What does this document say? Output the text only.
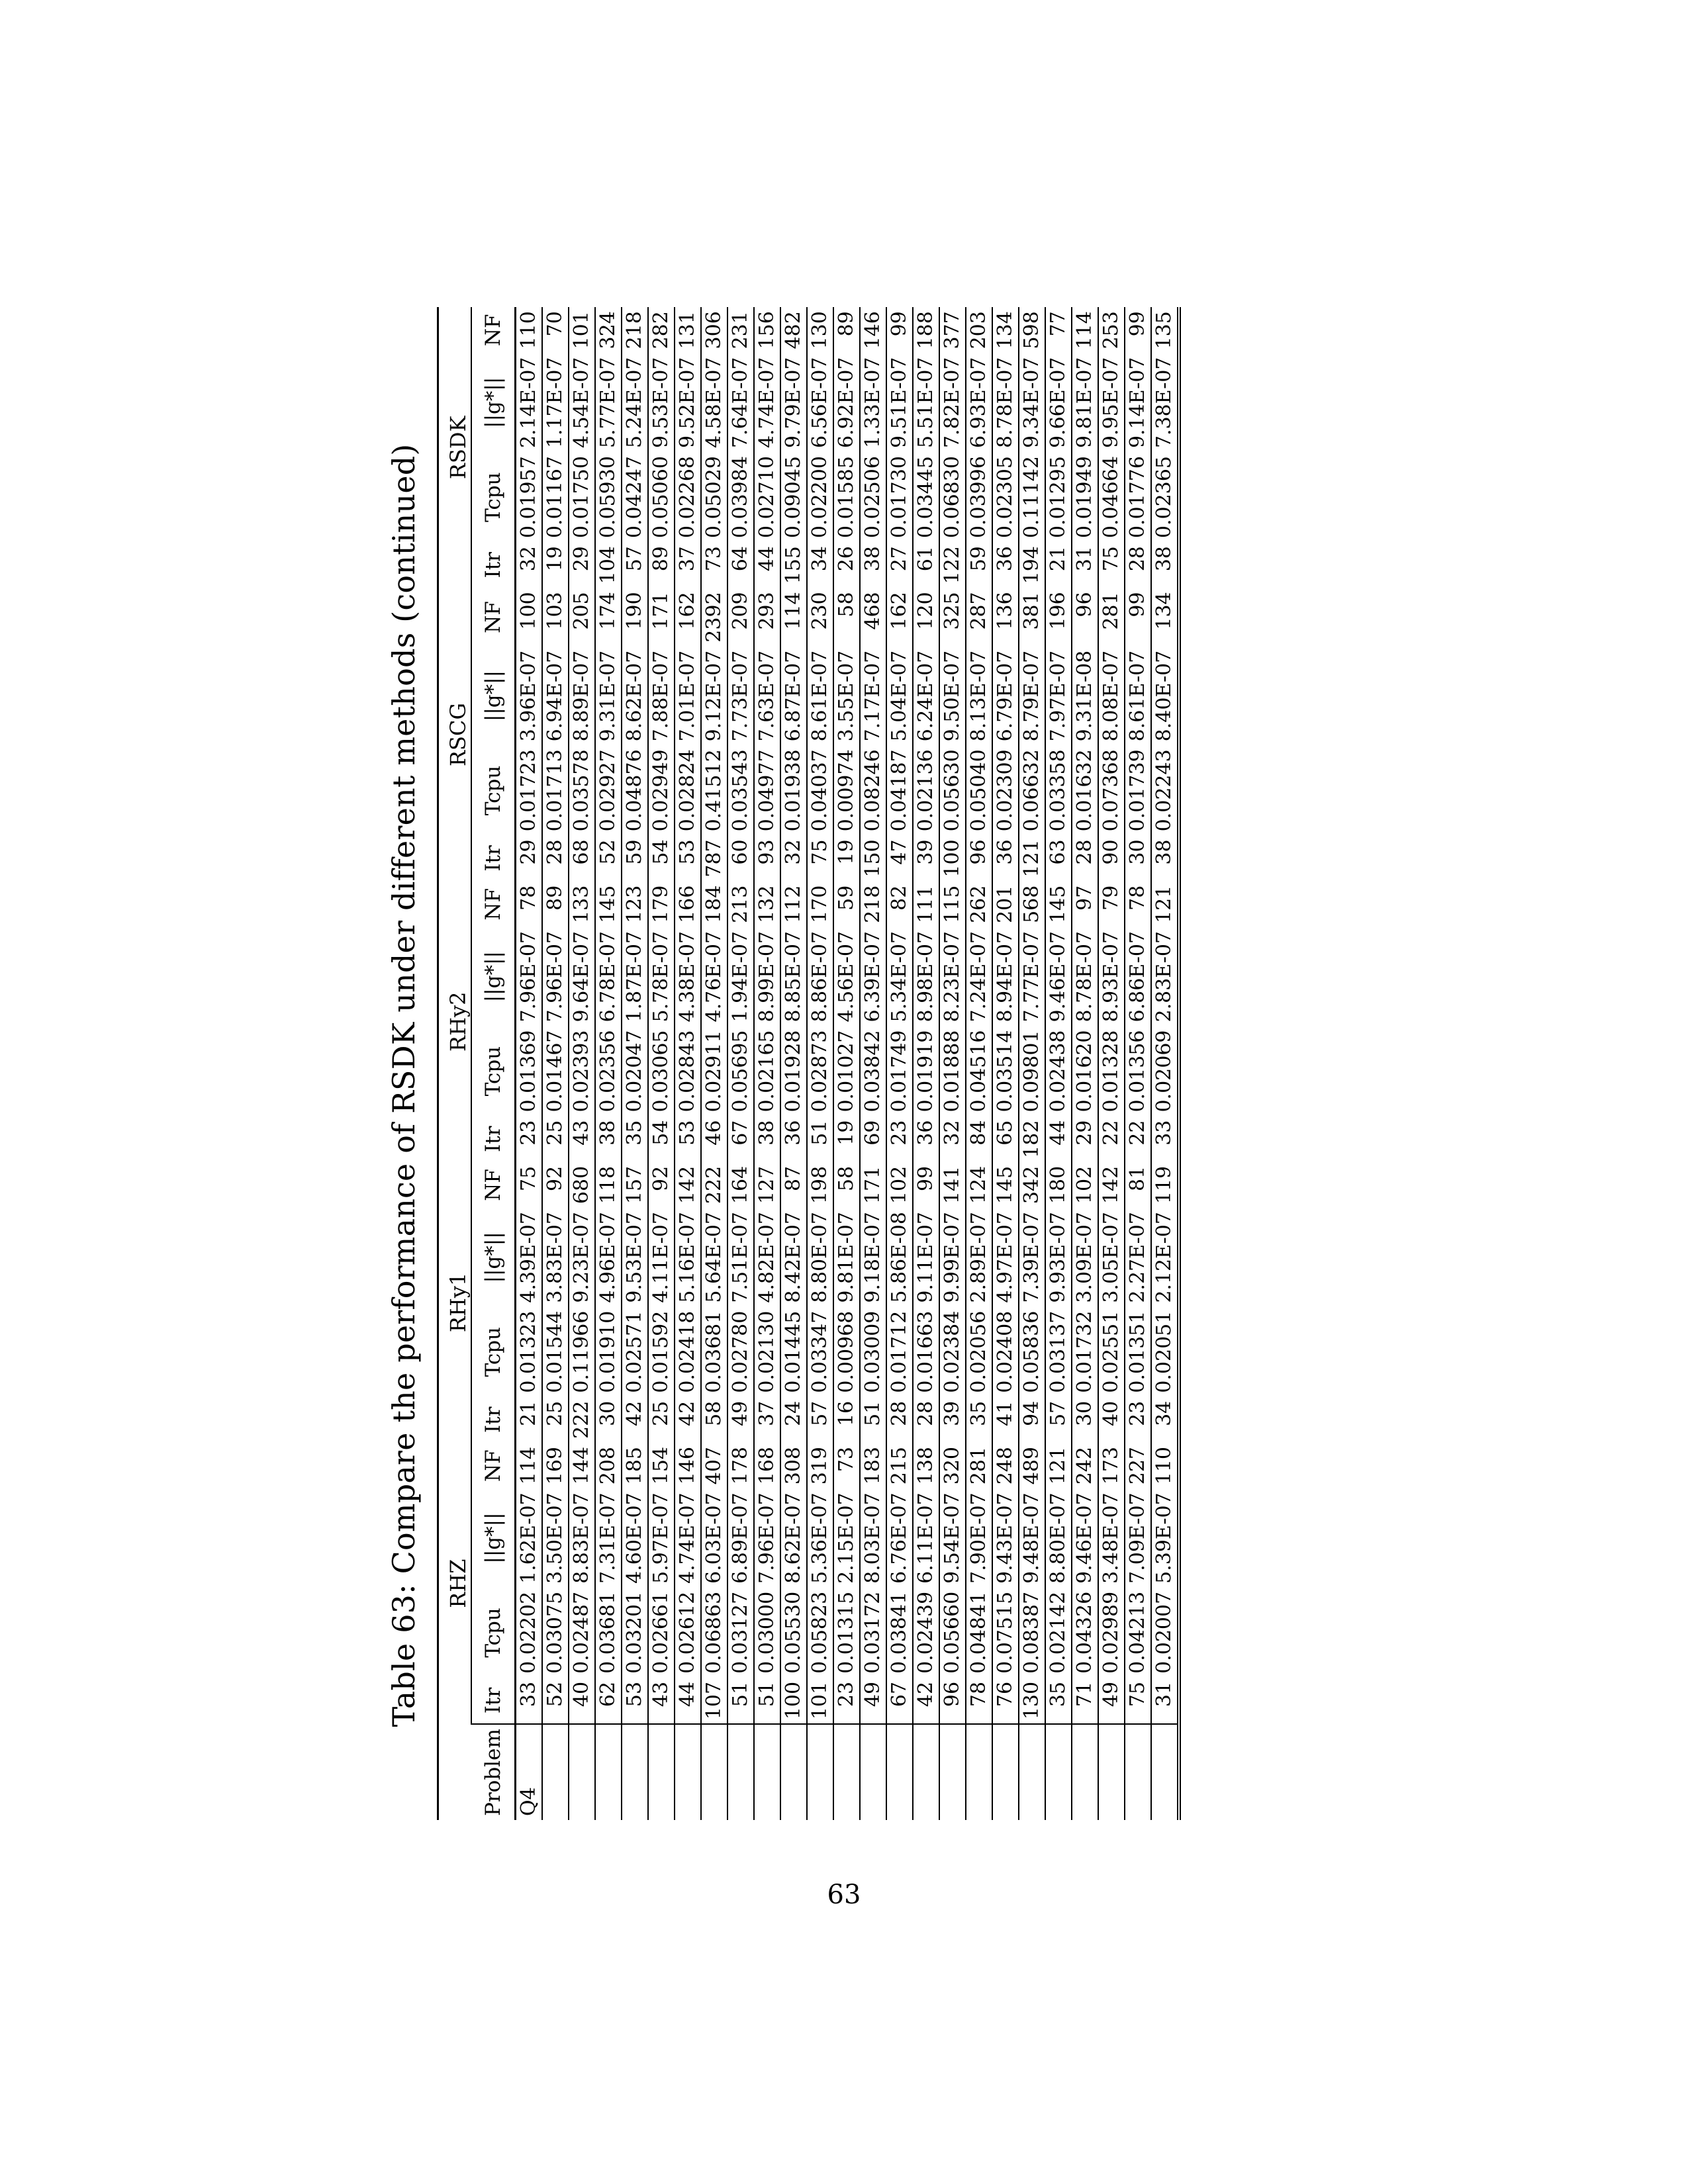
Table 63: Compare the performance of RSDK under different methods (continued)
		RHZ				RHy1				RHy2				RSCG				RSDK			
Problem	Itr	Tcpu	||g*||	NF	Itr	Tcpu	||g*||	NF	Itr	Tcpu	||g*||	NF	Itr	Tcpu	||g*||	NF	Itr	Tcpu	||g*||	NF
Q4	33	0.02202	1.62E-07	114	21	0.01323	4.39E-07	75	23	0.01369	7.96E-07	78	29	0.01723	3.96E-07	100	32	0.01957	2.14E-07	110
	52	0.03075	3.50E-07	169	25	0.01544	3.83E-07	92	25	0.01467	7.96E-07	89	28	0.01713	6.94E-07	103	19	0.01167	1.17E-07	70
	40	0.02487	8.83E-07	144	222	0.11966	9.23E-07	680	43	0.02393	9.64E-07	133	68	0.03578	8.89E-07	205	29	0.01750	4.54E-07	101
	62	0.03681	7.31E-07	208	30	0.01910	4.96E-07	118	38	0.02356	6.78E-07	145	52	0.02927	9.31E-07	174	104	0.05930	5.77E-07	324
	53	0.03201	4.60E-07	185	42	0.02571	9.53E-07	157	35	0.02047	1.87E-07	123	59	0.04876	8.62E-07	190	57	0.04247	5.24E-07	218
	43	0.02661	5.97E-07	154	25	0.01592	4.11E-07	92	54	0.03065	5.78E-07	179	54	0.02949	7.88E-07	171	89	0.05060	9.53E-07	282
	44	0.02612	4.74E-07	146	42	0.02418	5.16E-07	142	53	0.02843	4.38E-07	166	53	0.02824	7.01E-07	162	37	0.02268	9.52E-07	131
	107	0.06863	6.03E-07	407	58	0.03681	5.64E-07	222	46	0.02911	4.76E-07	184	787	0.41512	9.12E-07	2392	73	0.05029	4.58E-07	306
	51	0.03127	6.89E-07	178	49	0.02780	7.51E-07	164	67	0.05695	1.94E-07	213	60	0.03543	7.73E-07	209	64	0.03984	7.64E-07	231
	51	0.03000	7.96E-07	168	37	0.02130	4.82E-07	127	38	0.02165	8.99E-07	132	93	0.04977	7.63E-07	293	44	0.02710	4.74E-07	156
	100	0.05530	8.62E-07	308	24	0.01445	8.42E-07	87	36	0.01928	8.85E-07	112	32	0.01938	6.87E-07	114	155	0.09045	9.79E-07	482
	101	0.05823	5.36E-07	319	57	0.03347	8.80E-07	198	51	0.02873	8.86E-07	170	75	0.04037	8.61E-07	230	34	0.02200	6.56E-07	130
	23	0.01315	2.15E-07	73	16	0.00968	9.81E-07	58	19	0.01027	4.56E-07	59	19	0.00974	3.55E-07	58	26	0.01585	6.92E-07	89
	49	0.03172	8.03E-07	183	51	0.03009	9.18E-07	171	69	0.03842	6.39E-07	218	150	0.08246	7.17E-07	468	38	0.02506	1.33E-07	146
	67	0.03841	6.76E-07	215	28	0.01712	5.86E-08	102	23	0.01749	5.34E-07	82	47	0.04187	5.04E-07	162	27	0.01730	9.51E-07	99
	42	0.02439	6.11E-07	138	28	0.01663	9.11E-07	99	36	0.01919	8.98E-07	111	39	0.02136	6.24E-07	120	61	0.03445	5.51E-07	188
	96	0.05660	9.54E-07	320	39	0.02384	9.99E-07	141	32	0.01888	8.23E-07	115	100	0.05630	9.50E-07	325	122	0.06830	7.82E-07	377
	78	0.04841	7.90E-07	281	35	0.02056	2.89E-07	124	84	0.04516	7.24E-07	262	96	0.05040	8.13E-07	287	59	0.03996	6.93E-07	203
	76	0.07515	9.43E-07	248	41	0.02408	4.97E-07	145	65	0.03514	8.94E-07	201	36	0.02309	6.79E-07	136	36	0.02305	8.78E-07	134
	130	0.08387	9.48E-07	489	94	0.05836	7.39E-07	342	182	0.09801	7.77E-07	568	121	0.06632	8.79E-07	381	194	0.11142	9.34E-07	598
	35	0.02142	8.80E-07	121	57	0.03137	9.93E-07	180	44	0.02438	9.46E-07	145	63	0.03358	7.97E-07	196	21	0.01295	9.66E-07	77
	71	0.04326	9.46E-07	242	30	0.01732	3.09E-07	102	29	0.01620	8.78E-07	97	28	0.01632	9.31E-08	96	31	0.01949	9.81E-07	114
	49	0.02989	3.48E-07	173	40	0.02551	3.05E-07	142	22	0.01328	8.93E-07	79	90	0.07368	8.08E-07	281	75	0.04664	9.95E-07	253
	75	0.04213	7.09E-07	227	23	0.01351	2.27E-07	81	22	0.01356	6.86E-07	78	30	0.01739	8.61E-07	99	28	0.01776	9.14E-07	99
	31	0.02007	5.39E-07	110	34	0.02051	2.12E-07	119	33	0.02069	2.83E-07	121	38	0.02243	8.40E-07	134	38	0.02365	7.38E-07	135
63
